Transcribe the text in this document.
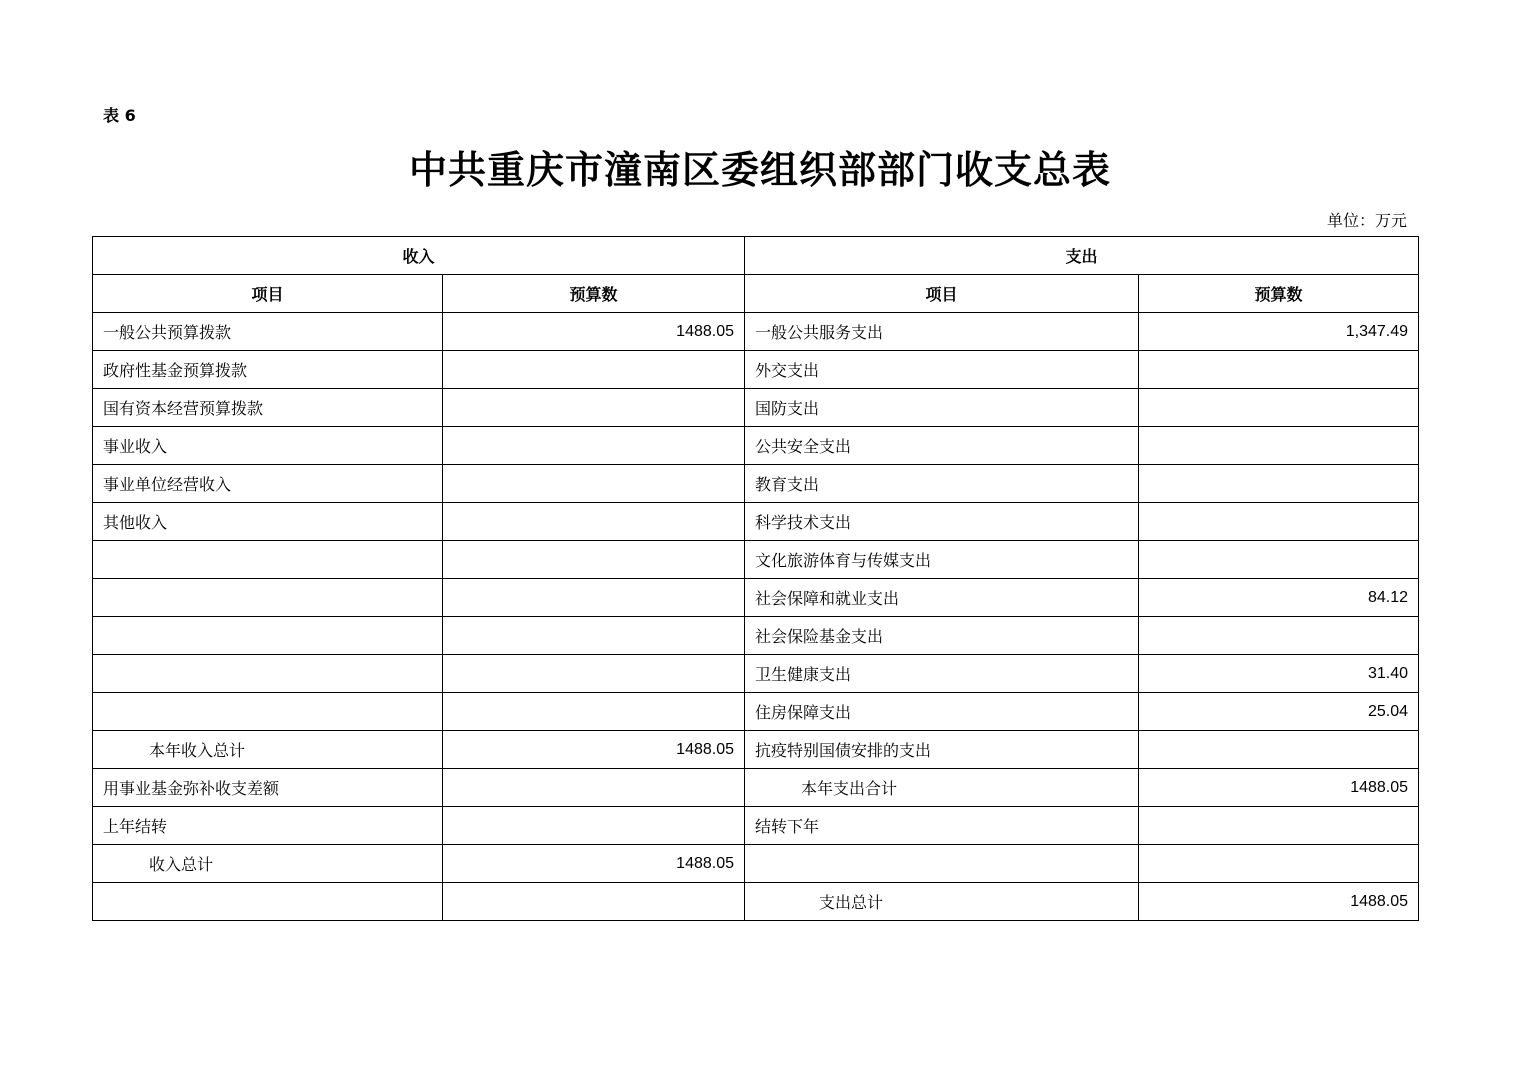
表 6
中共重庆市潼南区委组织部部门收支总表
单位：万元
收入		支出	
项目	预算数	项目	预算数
一般公共预算拨款	1488.05	一般公共服务支出	1,347.49
政府性基金预算拨款		外交支出	
国有资本经营预算拨款		国防支出	
事业收入		公共安全支出	
事业单位经营收入		教育支出	
其他收入		科学技术支出	
		文化旅游体育与传媒支出	
		社会保障和就业支出	84.12
		社会保险基金支出	
		卫生健康支出	31.40
		住房保障支出	25.04
本年收入总计	1488.05	抗疫特别国债安排的支出	
用事业基金弥补收支差额		本年支出合计	1488.05
上年结转		结转下年	
收入总计	1488.05		
		支出总计	1488.05
